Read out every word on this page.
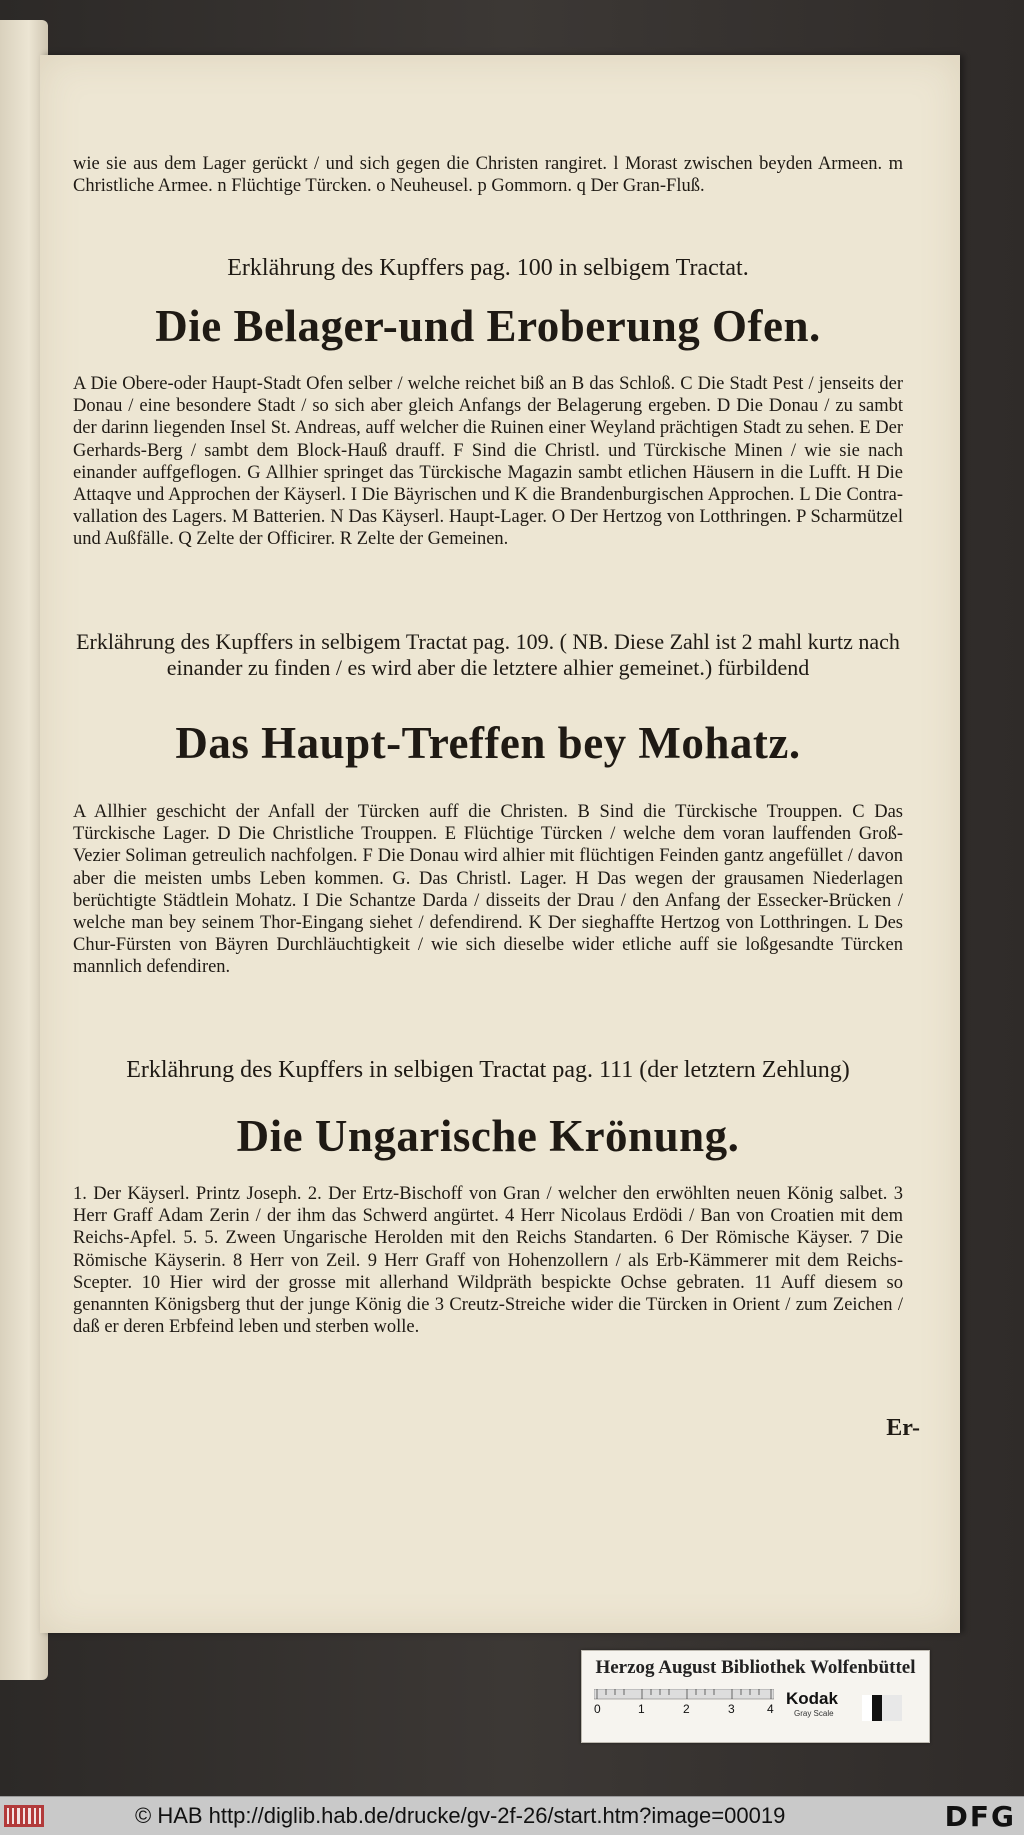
wie sie aus dem Lager gerückt / und sich gegen die Christen rangiret. l Morast zwischen beyden Armeen. m Christliche Armee. n Flüchtige Türcken. o Neuheusel. p Gommorn. q Der Gran-Fluß.
Erklährung des Kupffers pag. 100 in selbigem Tractat.
Die Belager-und Eroberung Ofen.
A Die Obere-oder Haupt-Stadt Ofen selber / welche reichet biß an B das Schloß. C Die Stadt Pest / jenseits der Donau / eine besondere Stadt / so sich aber gleich Anfangs der Belagerung ergeben. D Die Donau / zu sambt der darinn liegenden Insel St. Andreas, auff welcher die Ruinen einer Weyland prächtigen Stadt zu sehen. E Der Gerhards-Berg / sambt dem Block-Hauß drauff. F Sind die Christl. und Türckische Minen / wie sie nach einander auffgeflogen. G Allhier springet das Türckische Magazin sambt etlichen Häusern in die Lufft. H Die Attaqve und Approchen der Käyserl. I Die Bäyrischen und K die Brandenburgischen Approchen. L Die Contra-vallation des Lagers. M Batterien. N Das Käyserl. Haupt-Lager. O Der Hertzog von Lotthringen. P Scharmützel und Außfälle. Q Zelte der Officirer. R Zelte der Gemeinen.
Erklährung des Kupffers in selbigem Tractat pag. 109. ( NB. Diese Zahl ist 2 mahl kurtz nach einander zu finden / es wird aber die letztere alhier gemeinet.) fürbildend
Das Haupt-Treffen bey Mohatz.
A Allhier geschicht der Anfall der Türcken auff die Christen. B Sind die Türckische Trouppen. C Das Türckische Lager. D Die Christliche Trouppen. E Flüchtige Türcken / welche dem voran lauffenden Groß-Vezier Soliman getreulich nachfolgen. F Die Donau wird alhier mit flüchtigen Feinden gantz angefüllet / davon aber die meisten umbs Leben kommen. G. Das Christl. Lager. H Das wegen der grausamen Niederlagen berüchtigte Städtlein Mohatz. I Die Schantze Darda / disseits der Drau / den Anfang der Essecker-Brücken / welche man bey seinem Thor-Eingang siehet / defendirend. K Der sieghaffte Hertzog von Lotthringen. L Des Chur-Fürsten von Bäyren Durchläuchtigkeit / wie sich dieselbe wider etliche auff sie loßgesandte Türcken mannlich defendiren.
Erklährung des Kupffers in selbigen Tractat pag. 111 (der letztern Zehlung)
Die Ungarische Krönung.
1. Der Käyserl. Printz Joseph. 2. Der Ertz-Bischoff von Gran / welcher den erwöhlten neuen König salbet. 3 Herr Graff Adam Zerin / der ihm das Schwerd angürtet. 4 Herr Nicolaus Erdödi / Ban von Croatien mit dem Reichs-Apfel. 5. 5. Zween Ungarische Herolden mit den Reichs Standarten. 6 Der Römische Käyser. 7 Die Römische Käyserin. 8 Herr von Zeil. 9 Herr Graff von Hohenzollern / als Erb-Kämmerer mit dem Reichs-Scepter. 10 Hier wird der grosse mit allerhand Wildpräth bespickte Ochse gebraten. 11 Auff diesem so genannten Königsberg thut der junge König die 3 Creutz-Streiche wider die Türcken in Orient / zum Zeichen / daß er deren Erbfeind leben und sterben wolle.
Er-
Herzog August Bibliothek Wolfenbüttel
0	1	2	3	4
Kodak
Gray Scale
© HAB http://diglib.hab.de/drucke/gv-2f-26/start.htm?image=00019	DFG
